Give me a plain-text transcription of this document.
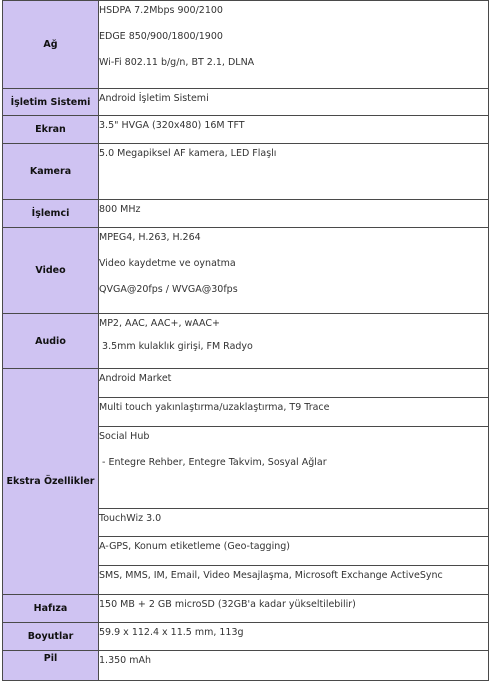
Ağ	HSDPA 7.2Mbps 900/2100
EDGE 850/900/1800/1900
Wi-Fi 802.11 b/g/n, BT 2.1, DLNA

İşletim Sistemi	Android İşletim Sistemi

Ekran	3.5" HVGA (320x480) 16M TFT

Kamera	5.0 Megapiksel AF kamera, LED Flaşlı

İşlemci	800 MHz

Video	MPEG4, H.263, H.264
Video kaydetme ve oynatma
QVGA@20fps / WVGA@30fps

Audio	MP2, AAC, AAC+, wAAC+
3.5mm kulaklık girişi, FM Radyo

Ekstra Özellikler	Android Market

	Multi touch yakınlaştırma/uzaklaştırma, T9 Trace

	Social Hub
- Entegre Rehber, Entegre Takvim, Sosyal Ağlar

	TouchWiz 3.0

	A-GPS, Konum etiketleme (Geo-tagging)

	SMS, MMS, IM, Email, Video Mesajlaşma, Microsoft Exchange ActiveSync

Hafıza	150 MB + 2 GB microSD (32GB'a kadar yükseltilebilir)

Boyutlar	59.9 x 112.4 x 11.5 mm, 113g

Pil	1.350 mAh
